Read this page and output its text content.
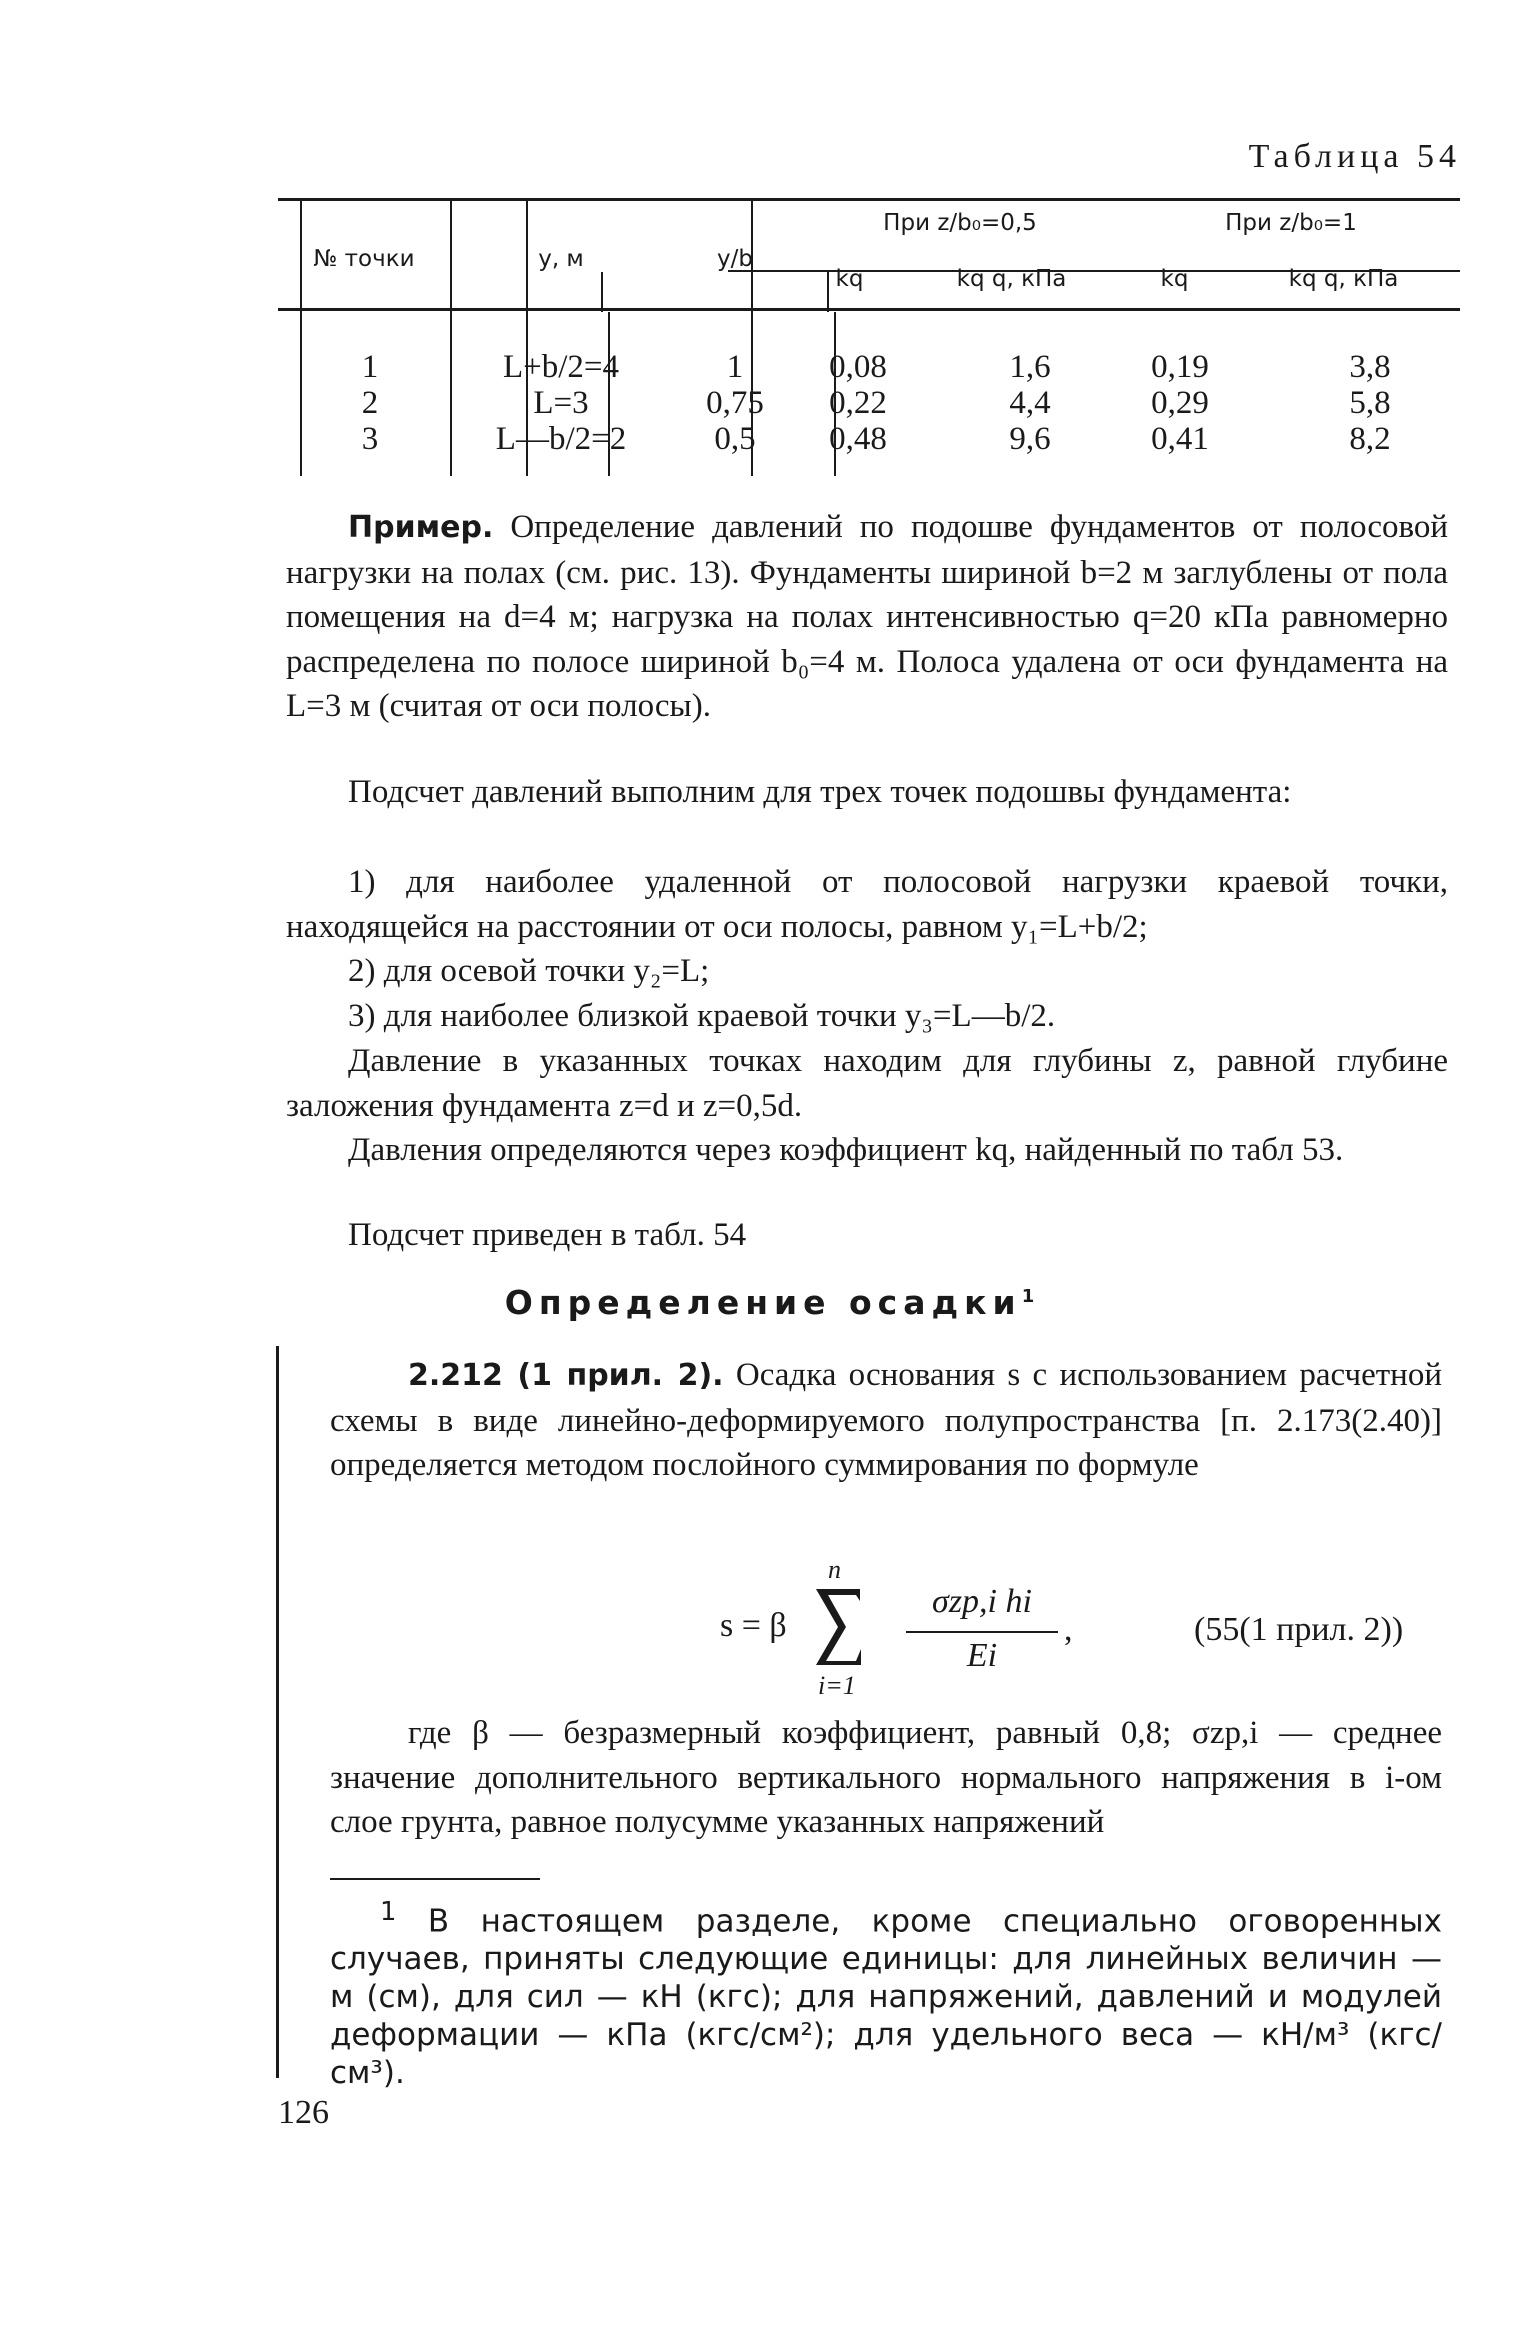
Таблица 54
№ точки	y, м	y/b
При z/b₀=0,5	При z/b₀=1
kq	kq q, кПа	kq	kq q, кПа
1	L+b/2=4	1	0,08	1,6	0,19	3,8
2	L=3	0,75	0,22	4,4	0,29	5,8
3	L—b/2=2	0,5	0,48	9,6	0,41	8,2
Пример. Определение давлений по подошве фундаментов от полосовой нагрузки на полах (см. рис. 13). Фундаменты шириной b=2 м заглублены от пола помещения на d=4 м; нагрузка на полах интенсивностью q=20 кПа равномерно распределена по полосе шириной b₀=4 м. Полоса удалена от оси фундамента на L=3 м (считая от оси полосы).
Подсчет давлений выполним для трех точек подошвы фундамента:
1) для наиболее удаленной от полосовой нагрузки краевой точки, находящейся на расстоянии от оси полосы, равном y₁=L+b/2;
2) для осевой точки y₂=L;
3) для наиболее близкой краевой точки y₃=L—b/2.
Давление в указанных точках находим для глубины z, равной глубине заложения фундамента z=d и z=0,5d.
Давления определяются через коэффициент kq, найденный по табл 53.
Подсчет приведен в табл. 54
Определение осадки$^1$
2.212 (1 прил. 2). Осадка основания s с использованием расчетной схемы в виде линейно-деформируемого полупространства [п. 2.173(2.40)] определяется методом послойного суммирования по формуле
s = β
n
i=1
σzp,i hi
Ei
,	(55(1 прил. 2))
где β — безразмерный коэффициент, равный 0,8; σzp,i — среднее значение дополнительного вертикального нормального напряжения в i-ом слое грунта, равное полусумме указанных напряжений
$^1$ В настоящем разделе, кроме специально оговоренных случаев, приняты следующие единицы: для линейных величин — м (см), для сил — кН (кгс); для напряжений, давлений и модулей деформации — кПа (кгс/см²); для удельного веса — кН/м³ (кгс/см³).
126
